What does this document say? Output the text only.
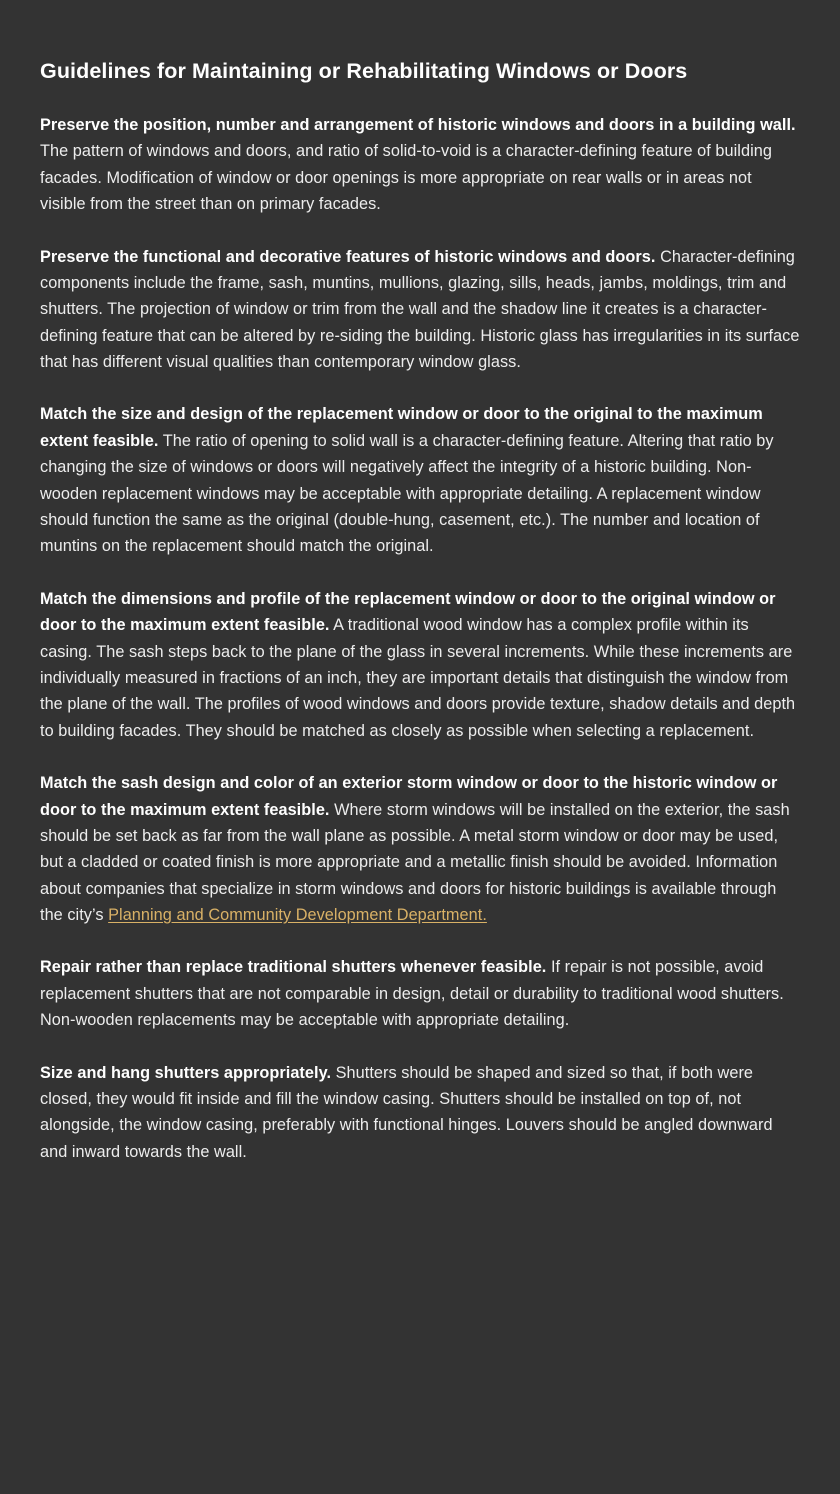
Guidelines for Maintaining or Rehabilitating Windows or Doors

Preserve the position, number and arrangement of historic windows and doors in a building wall. The pattern of windows and doors, and ratio of solid-to-void is a character-defining feature of building facades. Modification of window or door openings is more appropriate on rear walls or in areas not visible from the street than on primary facades.

Preserve the functional and decorative features of historic windows and doors. Character-defining components include the frame, sash, muntins, mullions, glazing, sills, heads, jambs, moldings, trim and shutters. The projection of window or trim from the wall and the shadow line it creates is a character-defining feature that can be altered by re-siding the building. Historic glass has irregularities in its surface that has different visual qualities than contemporary window glass.

Match the size and design of the replacement window or door to the original to the maximum extent feasible. The ratio of opening to solid wall is a character-defining feature. Altering that ratio by changing the size of windows or doors will negatively affect the integrity of a historic building. Non-wooden replacement windows may be acceptable with appropriate detailing. A replacement window should function the same as the original (double-hung, casement, etc.). The number and location of muntins on the replacement should match the original.

Match the dimensions and profile of the replacement window or door to the original window or door to the maximum extent feasible. A traditional wood window has a complex profile within its casing. The sash steps back to the plane of the glass in several increments. While these increments are individually measured in fractions of an inch, they are important details that distinguish the window from the plane of the wall. The profiles of wood windows and doors provide texture, shadow details and depth to building facades. They should be matched as closely as possible when selecting a replacement.

Match the sash design and color of an exterior storm window or door to the historic window or door to the maximum extent feasible. Where storm windows will be installed on the exterior, the sash should be set back as far from the wall plane as possible. A metal storm window or door may be used, but a cladded or coated finish is more appropriate and a metallic finish should be avoided. Information about companies that specialize in storm windows and doors for historic buildings is available through the city’s Planning and Community Development Department.

Repair rather than replace traditional shutters whenever feasible. If repair is not possible, avoid replacement shutters that are not comparable in design, detail or durability to traditional wood shutters. Non-wooden replacements may be acceptable with appropriate detailing.

Size and hang shutters appropriately. Shutters should be shaped and sized so that, if both were closed, they would fit inside and fill the window casing. Shutters should be installed on top of, not alongside, the window casing, preferably with functional hinges. Louvers should be angled downward and inward towards the wall.
